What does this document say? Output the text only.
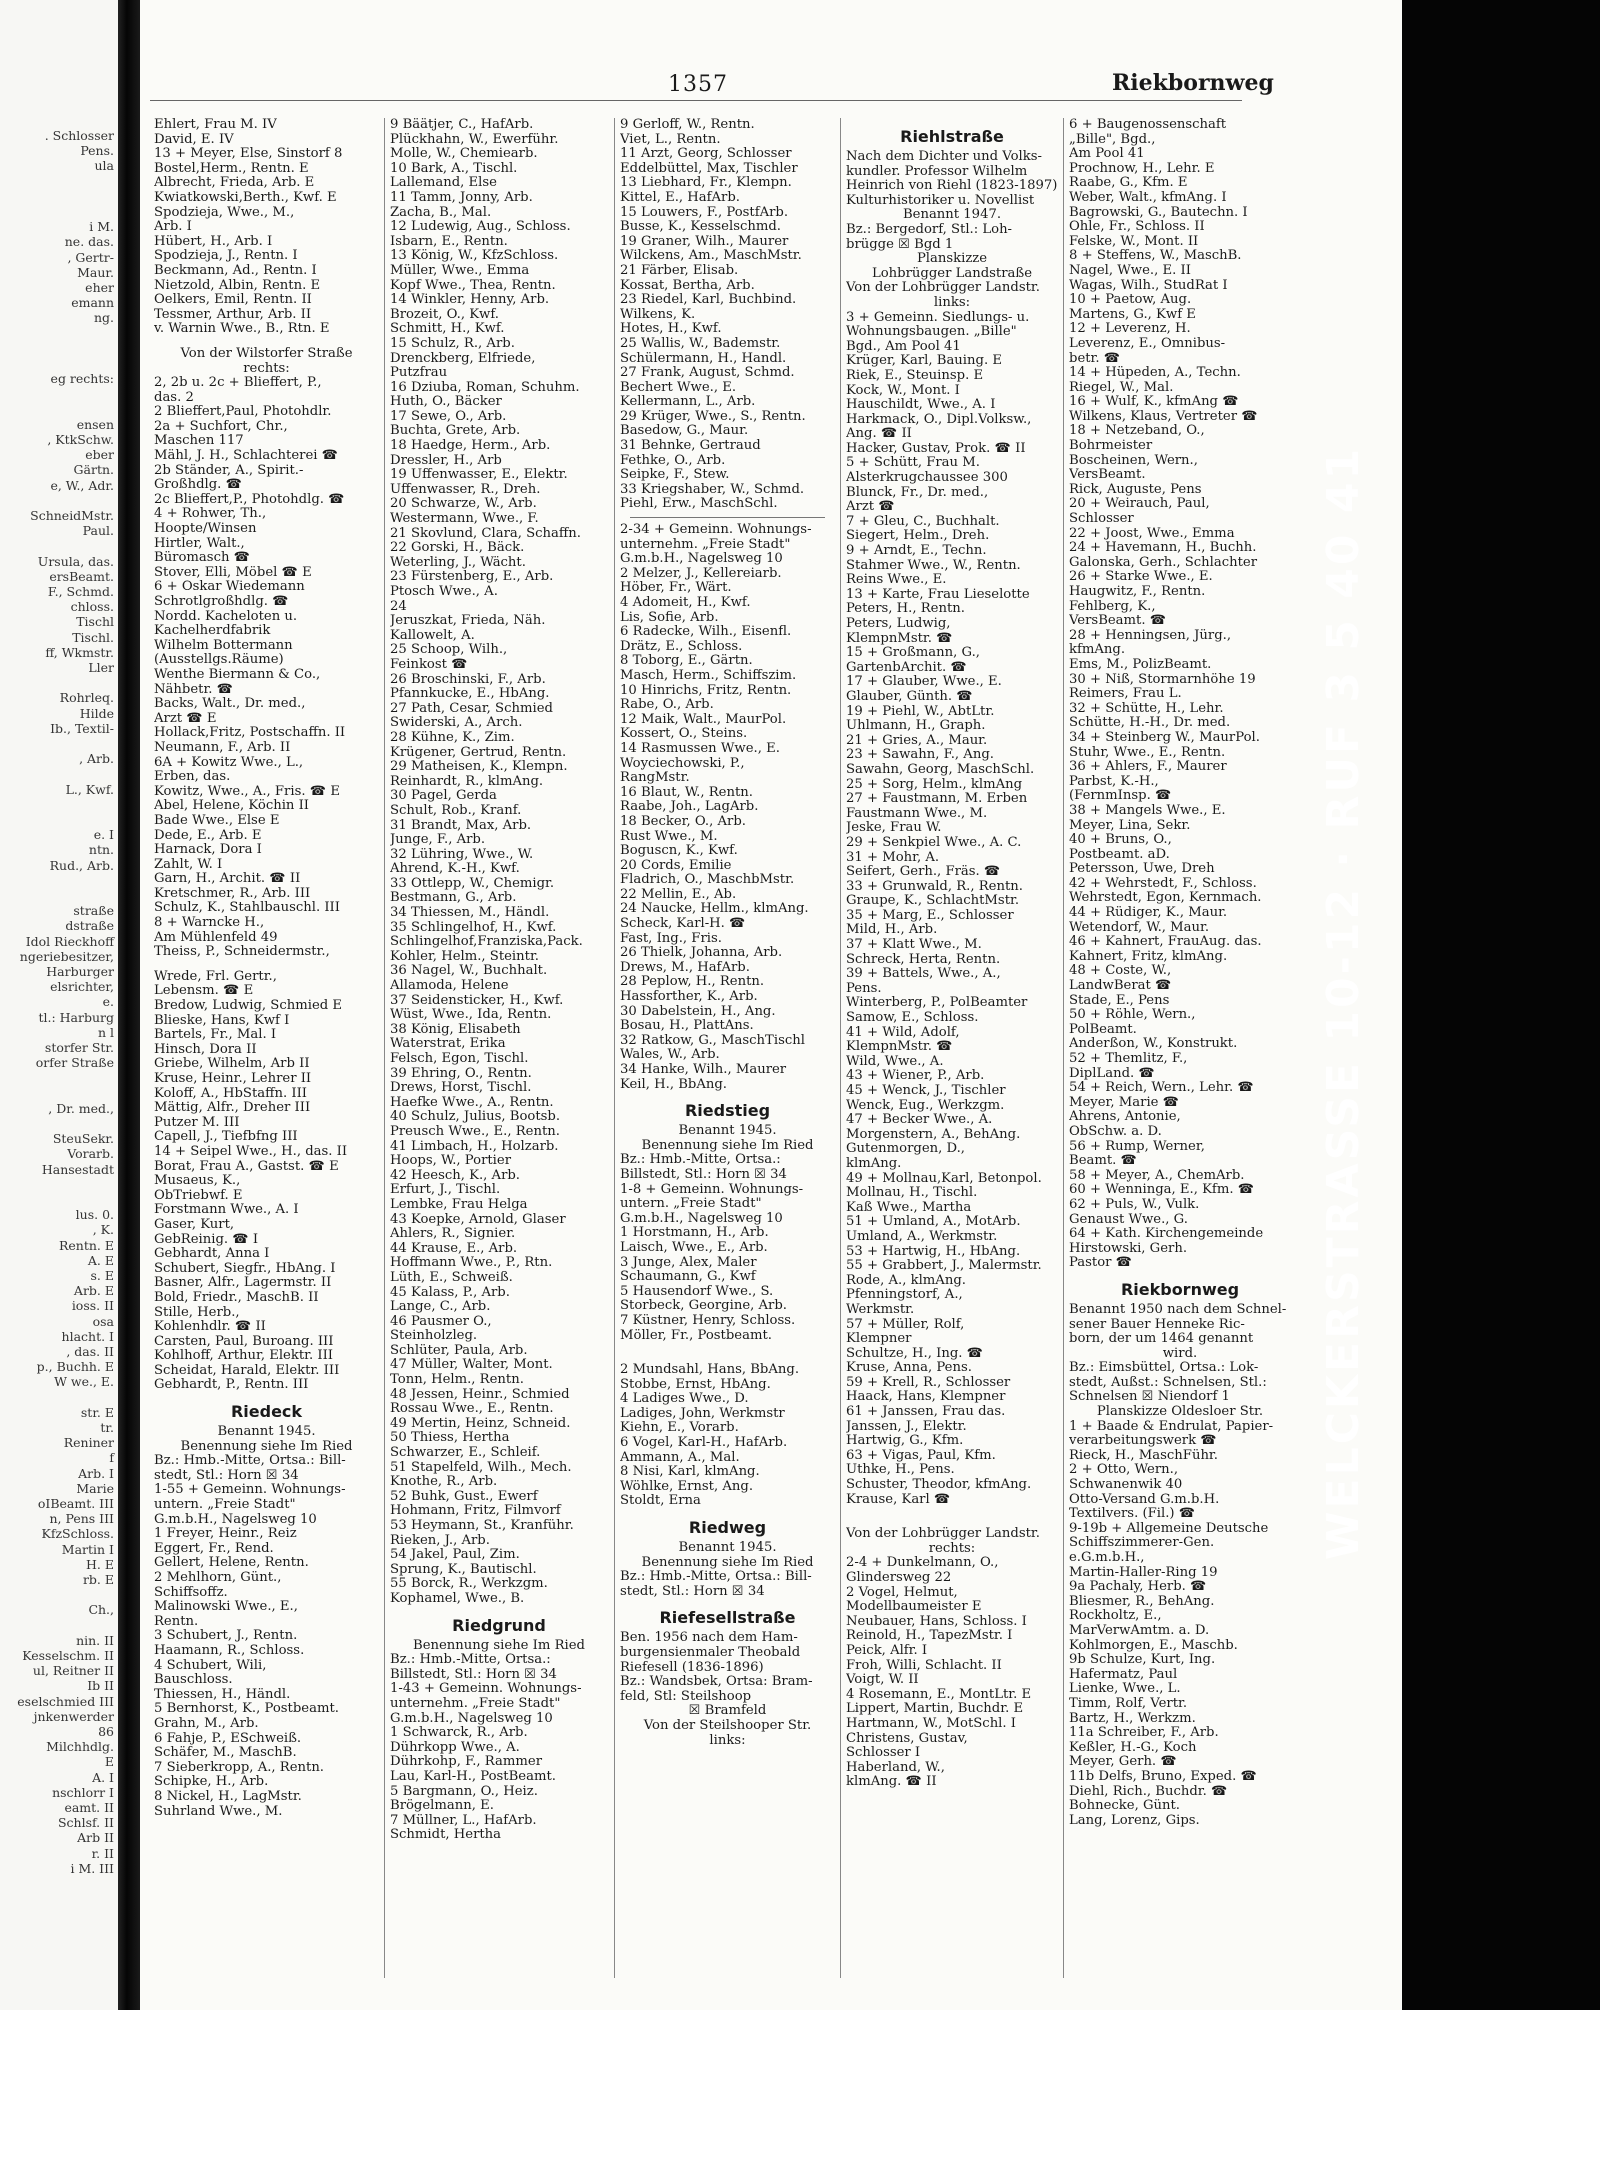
. Schlosser
Pens.
ula
i M.
ne. das.
, Gertr-
Maur.
eher
emann
ng.
eg rechts:
ensen
, KtkSchw.
eber
Gärtn.
e, W., Adr.
SchneidMstr.
Paul.
Ursula, das.
ersBeamt.
F., Schmd.
chloss.
Tischl
Tischl.
ff, Wkmstr.
Ller
Rohrleq.
Hilde
Ib., Textil-
, Arb.
L., Kwf.
e. I
ntn.
Rud., Arb.
straße
dstraße
Idol Rieckhoff
ngeriebesitzer,
Harburger
elsrichter,
e.
tl.: Harburg
n l
storfer Str.
orfer Straße
, Dr. med.,
SteuSekr.
Vorarb.
Hansestadt
lus. 0.
, K.
Rentn. E
A. E
s. E
Arb. E
ioss. II
osa
hlacht. I
, das. II
p., Buchh. E
W we., E.
str. E
tr.
Reniner
f
Arb. I
Marie
oIBeamt. III
n, Pens III
KfzSchloss.
Martin I
H. E
rb. E
Ch.,
nin. II
Kesselschm. II
ul, Reitner II
Ib II
eselschmied III
jnkenwerder
86
Milchhdlg.
E
A. I
nschlorr I
eamt. II
Schlsf. II
Arb II
r. II
i M. III
1357	Riekbornweg
Ehlert, Frau M. IV
David, E. IV
13 + Meyer, Else, Sinstorf 8
Bostel,Herm., Rentn. E
Albrecht, Frieda, Arb. E
Kwiatkowski,Berth., Kwf. E
Spodzieja, Wwe., M.,
Arb. I
Hübert, H., Arb. I
Spodzieja, J., Rentn. I
Beckmann, Ad., Rentn. I
Nietzold, Albin, Rentn. E
Oelkers, Emil, Rentn. II
Tessmer, Arthur, Arb. II
v. Warnin Wwe., B., Rtn. E
Von der Wilstorfer Straße
rechts:
2, 2b u. 2c + Blieffert, P.,
das. 2
2 Blieffert,Paul, Photohdlr.
2a + Suchfort, Chr.,
Maschen 117
Mähl, J. H., Schlachterei ☎
2b Ständer, A., Spirit.-
Großhdlg. ☎
2c Blieffert,P., Photohdlg. ☎
4 + Rohwer, Th.,
Hoopte/Winsen
Hirtler, Walt.,
Büromasch ☎
Stover, Elli, Möbel ☎ E
6 + Oskar Wiedemann
Schrotlgroßhdlg. ☎
Nordd. Kacheloten u.
Kachelherdfabrik
Wilhelm Bottermann
(Ausstellgs.Räume)
Wenthe Biermann & Co.,
Nähbetr. ☎
Backs, Walt., Dr. med.,
Arzt ☎ E
Hollack,Fritz, Postschaffn. II
Neumann, F., Arb. II
6A + Kowitz Wwe., L.,
Erben, das.
Kowitz, Wwe., A., Fris. ☎ E
Abel, Helene, Köchin II
Bade Wwe., Else E
Dede, E., Arb. E
Harnack, Dora I
Zahlt, W. I
Garn, H., Archit. ☎ II
Kretschmer, R., Arb. III
Schulz, K., Stahlbauschl. III
8 + Warncke H.,
Am Mühlenfeld 49
Theiss, P., Schneidermstr.,
Wrede, Frl. Gertr.,
Lebensm. ☎ E
Bredow, Ludwig, Schmied E
Blieske, Hans, Kwf I
Bartels, Fr., Mal. I
Hinsch, Dora II
Griebe, Wilhelm, Arb II
Kruse, Heinr., Lehrer II
Koloff, A., HbStaffn. III
Mättig, Alfr., Dreher III
Putzer M. III
Capell, J., Tiefbfng III
14 + Seipel Wwe., H., das. II
Borat, Frau A., Gastst. ☎ E
Musaeus, K.,
ObTriebwf. E
Forstmann Wwe., A. I
Gaser, Kurt,
GebReinig. ☎ I
Gebhardt, Anna I
Schubert, Siegfr., HbAng. I
Basner, Alfr., Lagermstr. II
Bold, Friedr., MaschB. II
Stille, Herb.,
Kohlenhdlr. ☎ II
Carsten, Paul, Buroang. III
Kohlhoff, Arthur, Elektr. III
Scheidat, Harald, Elektr. III
Gebhardt, P., Rentn. III
Riedeck
Benannt 1945.
Benennung siehe Im Ried
Bz.: Hmb.-Mitte, Ortsa.: Bill-
stedt, Stl.: Horn ☒ 34
1-55 + Gemeinn. Wohnungs-
untern. „Freie Stadt"
G.m.b.H., Nagelsweg 10
1 Freyer, Heinr., Reiz
Eggert, Fr., Rend.
Gellert, Helene, Rentn.
2 Mehlhorn, Günt.,
Schiffsoffz.
Malinowski Wwe., E.,
Rentn.
3 Schubert, J., Rentn.
Haamann, R., Schloss.
4 Schubert, Wili,
Bauschloss.
Thiessen, H., Händl.
5 Bernhorst, K., Postbeamt.
Grahn, M., Arb.
6 Fahje, P., ESchweiß.
Schäfer, M., MaschB.
7 Sieberkropp, A., Rentn.
Schipke, H., Arb.
8 Nickel, H., LagMstr.
Suhrland Wwe., M.
9 Bäätjer, C., HafArb.
Plückhahn, W., Ewerführ.
Molle, W., Chemiearb.
10 Bark, A., Tischl.
Lallemand, Else
11 Tamm, Jonny, Arb.
Zacha, B., Mal.
12 Ludewig, Aug., Schloss.
Isbarn, E., Rentn.
13 König, W., KfzSchloss.
Müller, Wwe., Emma
Kopf Wwe., Thea, Rentn.
14 Winkler, Henny, Arb.
Brozeit, O., Kwf.
Schmitt, H., Kwf.
15 Schulz, R., Arb.
Drenckberg, Elfriede,
Putzfrau
16 Dziuba, Roman, Schuhm.
Huth, O., Bäcker
17 Sewe, O., Arb.
Buchta, Grete, Arb.
18 Haedge, Herm., Arb.
Dressler, H., Arb
19 Uffenwasser, E., Elektr.
Uffenwasser, R., Dreh.
20 Schwarze, W., Arb.
Westermann, Wwe., F.
21 Skovlund, Clara, Schaffn.
22 Gorski, H., Bäck.
Weterling, J., Wächt.
23 Fürstenberg, E., Arb.
Ptosch Wwe., A.
24
Jeruszkat, Frieda, Näh.
Kallowelt, A.
25 Schoop, Wilh.,
Feinkost ☎
26 Broschinski, F., Arb.
Pfannkucke, E., HbAng.
27 Path, Cesar, Schmied
Swiderski, A., Arch.
28 Kühne, K., Zim.
Krügener, Gertrud, Rentn.
29 Matheisen, K., Klempn.
Reinhardt, R., klmAng.
30 Pagel, Gerda
Schult, Rob., Kranf.
31 Brandt, Max, Arb.
Junge, F., Arb.
32 Lühring, Wwe., W.
Ahrend, K.-H., Kwf.
33 Ottlepp, W., Chemigr.
Bestmann, G., Arb.
34 Thiessen, M., Händl.
35 Schlingelhof, H., Kwf.
Schlingelhof,Franziska,Pack.
Kohler, Helm., Steintr.
36 Nagel, W., Buchhalt.
Allamoda, Helene
37 Seidensticker, H., Kwf.
Wüst, Wwe., Ida, Rentn.
38 König, Elisabeth
Waterstrat, Erika
Felsch, Egon, Tischl.
39 Ehring, O., Rentn.
Drews, Horst, Tischl.
Haefke Wwe., A., Rentn.
40 Schulz, Julius, Bootsb.
Preusch Wwe., E., Rentn.
41 Limbach, H., Holzarb.
Hoops, W., Portier
42 Heesch, K., Arb.
Erfurt, J., Tischl.
Lembke, Frau Helga
43 Koepke, Arnold, Glaser
Ahlers, R., Signier.
44 Krause, E., Arb.
Hoffmann Wwe., P., Rtn.
Lüth, E., Schweiß.
45 Kalass, P., Arb.
Lange, C., Arb.
46 Pausmer O.,
Steinholzleg.
Schlüter, Paula, Arb.
47 Müller, Walter, Mont.
Tonn, Helm., Rentn.
48 Jessen, Heinr., Schmied
Rossau Wwe., E., Rentn.
49 Mertin, Heinz, Schneid.
50 Thiess, Hertha
Schwarzer, E., Schleif.
51 Stapelfeld, Wilh., Mech.
Knothe, R., Arb.
52 Buhk, Gust., Ewerf
Hohmann, Fritz, Filmvorf
53 Heymann, St., Kranführ.
Rieken, J., Arb.
54 Jakel, Paul, Zim.
Sprung, K., Bautischl.
55 Borck, R., Werkzgm.
Kophamel, Wwe., B.
Riedgrund
Benennung siehe Im Ried
Bz.: Hmb.-Mitte, Ortsa.:
Billstedt, Stl.: Horn ☒ 34
1-43 + Gemeinn. Wohnungs-
unternehm. „Freie Stadt"
G.m.b.H., Nagelsweg 10
1 Schwarck, R., Arb.
Dührkopp Wwe., A.
Dührkohp, F., Rammer
Lau, Karl-H., PostBeamt.
5 Bargmann, O., Heiz.
Brögelmann, E.
7 Müllner, L., HafArb.
Schmidt, Hertha
9 Gerloff, W., Rentn.
Viet, L., Rentn.
11 Arzt, Georg, Schlosser
Eddelbüttel, Max, Tischler
13 Liebhard, Fr., Klempn.
Kittel, E., HafArb.
15 Louwers, F., PostfArb.
Busse, K., Kesselschmd.
19 Graner, Wilh., Maurer
Wilckens, Am., MaschMstr.
21 Färber, Elisab.
Kossat, Bertha, Arb.
23 Riedel, Karl, Buchbind.
Wilkens, K.
Hotes, H., Kwf.
25 Wallis, W., Bademstr.
Schülermann, H., Handl.
27 Frank, August, Schmd.
Bechert Wwe., E.
Kellermann, L., Arb.
29 Krüger, Wwe., S., Rentn.
Basedow, G., Maur.
31 Behnke, Gertraud
Fethke, O., Arb.
Seipke, F., Stew.
33 Kriegshaber, W., Schmd.
Piehl, Erw., MaschSchl.
2-34 + Gemeinn. Wohnungs-
unternehm. „Freie Stadt"
G.m.b.H., Nagelsweg 10
2 Melzer, J., Kellereiarb.
Höber, Fr., Wärt.
4 Adomeit, H., Kwf.
Lis, Sofie, Arb.
6 Radecke, Wilh., Eisenfl.
Drätz, E., Schloss.
8 Toborg, E., Gärtn.
Masch, Herm., Schiffszim.
10 Hinrichs, Fritz, Rentn.
Rabe, O., Arb.
12 Maik, Walt., MaurPol.
Kossert, O., Steins.
14 Rasmussen Wwe., E.
Woyciechowski, P.,
RangMstr.
16 Blaut, W., Rentn.
Raabe, Joh., LagArb.
18 Becker, O., Arb.
Rust Wwe., M.
Boguscn, K., Kwf.
20 Cords, Emilie
Fladrich, O., MaschbMstr.
22 Mellin, E., Ab.
24 Naucke, Hellm., klmAng.
Scheck, Karl-H. ☎
Fast, Ing., Fris.
26 Thielk, Johanna, Arb.
Drews, M., HafArb.
28 Peplow, H., Rentn.
Hassforther, K., Arb.
30 Dabelstein, H., Ang.
Bosau, H., PlattAns.
32 Ratkow, G., MaschTischl
Wales, W., Arb.
34 Hanke, Wilh., Maurer
Keil, H., BbAng.
Riedstieg
Benannt 1945.
Benennung siehe Im Ried
Bz.: Hmb.-Mitte, Ortsa.:
Billstedt, Stl.: Horn ☒ 34
1-8 + Gemeinn. Wohnungs-
untern. „Freie Stadt"
G.m.b.H., Nagelsweg 10
1 Horstmann, H., Arb.
Laisch, Wwe., E., Arb.
3 Junge, Alex, Maler
Schaumann, G., Kwf
5 Hausendorf Wwe., S.
Storbeck, Georgine, Arb.
7 Küstner, Henry, Schloss.
Möller, Fr., Postbeamt.
2 Mundsahl, Hans, BbAng.
Stobbe, Ernst, HbAng.
4 Ladiges Wwe., D.
Ladiges, John, Werkmstr
Kiehn, E., Vorarb.
6 Vogel, Karl-H., HafArb.
Ammann, A., Mal.
8 Nisi, Karl, klmAng.
Wöhlke, Ernst, Ang.
Stoldt, Erna
Riedweg
Benannt 1945.
Benennung siehe Im Ried
Bz.: Hmb.-Mitte, Ortsa.: Bill-
stedt, Stl.: Horn ☒ 34
Riefesellstraße
Ben. 1956 nach dem Ham-
burgensienmaler Theobald
Riefesell (1836-1896)
Bz.: Wandsbek, Ortsa: Bram-
feld, Stl: Steilshoop
☒ Bramfeld
Von der Steilshooper Str.
links:
Riehlstraße
Nach dem Dichter und Volks-
kundler. Professor Wilhelm
Heinrich von Riehl (1823-1897)
Kulturhistoriker u. Novellist
Benannt 1947.
Bz.: Bergedorf, Stl.: Loh-
brügge ☒ Bgd 1
Planskizze
Lohbrügger Landstraße
Von der Lohbrügger Landstr.
links:
3 + Gemeinn. Siedlungs- u.
Wohnungsbaugen. „Bille"
Bgd., Am Pool 41
Krüger, Karl, Bauing. E
Riek, E., Steuinsp. E
Kock, W., Mont. I
Hauschildt, Wwe., A. I
Harkmack, O., Dipl.Volksw.,
Ang. ☎ II
Hacker, Gustav, Prok. ☎ II
5 + Schütt, Frau M.
Alsterkrugchaussee 300
Blunck, Fr., Dr. med.,
Arzt ☎
7 + Gleu, C., Buchhalt.
Siegert, Helm., Dreh.
9 + Arndt, E., Techn.
Stahmer Wwe., W., Rentn.
Reins Wwe., E.
13 + Karte, Frau Lieselotte
Peters, H., Rentn.
Peters, Ludwig,
KlempnMstr. ☎
15 + Großmann, G.,
GartenbArchit. ☎
17 + Glauber, Wwe., E.
Glauber, Günth. ☎
19 + Piehl, W., AbtLtr.
Uhlmann, H., Graph.
21 + Gries, A., Maur.
23 + Sawahn, F., Ang.
Sawahn, Georg, MaschSchl.
25 + Sorg, Helm., klmAng
27 + Faustmann, M. Erben
Faustmann Wwe., M.
Jeske, Frau W.
29 + Senkpiel Wwe., A. C.
31 + Mohr, A.
Seifert, Gerh., Fräs. ☎
33 + Grunwald, R., Rentn.
Graupe, K., SchlachtMstr.
35 + Marg, E., Schlosser
Mild, H., Arb.
37 + Klatt Wwe., M.
Schreck, Herta, Rentn.
39 + Battels, Wwe., A.,
Pens.
Winterberg, P., PolBeamter
Samow, E., Schloss.
41 + Wild, Adolf,
KlempnMstr. ☎
Wild, Wwe., A.
43 + Wiener, P., Arb.
45 + Wenck, J., Tischler
Wenck, Eug., Werkzgm.
47 + Becker Wwe., A.
Morgenstern, A., BehAng.
Gutenmorgen, D.,
klmAng.
49 + Mollnau,Karl, Betonpol.
Mollnau, H., Tischl.
Kaß Wwe., Martha
51 + Umland, A., MotArb.
Umland, A., Werkmstr.
53 + Hartwig, H., HbAng.
55 + Grabbert, J., Malermstr.
Rode, A., klmAng.
Pfenningstorf, A.,
Werkmstr.
57 + Müller, Rolf,
Klempner
Schultze, H., Ing. ☎
Kruse, Anna, Pens.
59 + Krell, R., Schlosser
Haack, Hans, Klempner
61 + Janssen, Frau das.
Janssen, J., Elektr.
Hartwig, G., Kfm.
63 + Vigas, Paul, Kfm.
Uthke, H., Pens.
Schuster, Theodor, kfmAng.
Krause, Karl ☎
Von der Lohbrügger Landstr.
rechts:
2-4 + Dunkelmann, O.,
Glindersweg 22
2 Vogel, Helmut,
Modellbaumeister E
Neubauer, Hans, Schloss. I
Reinold, H., TapezMstr. I
Peick, Alfr. I
Froh, Willi, Schlacht. II
Voigt, W. II
4 Rosemann, E., MontLtr. E
Lippert, Martin, Buchdr. E
Hartmann, W., MotSchl. I
Christens, Gustav,
Schlosser I
Haberland, W.,
klmAng. ☎ II
6 + Baugenossenschaft
„Bille", Bgd.,
Am Pool 41
Prochnow, H., Lehr. E
Raabe, G., Kfm. E
Weber, Walt., kfmAng. I
Bagrowski, G., Bautechn. I
Ohle, Fr., Schloss. II
Felske, W., Mont. II
8 + Steffens, W., MaschB.
Nagel, Wwe., E. II
Wagas, Wilh., StudRat I
10 + Paetow, Aug.
Martens, G., Kwf E
12 + Leverenz, H.
Leverenz, E., Omnibus-
betr. ☎
14 + Hüpeden, A., Techn.
Riegel, W., Mal.
16 + Wulf, K., kfmAng ☎
Wilkens, Klaus, Vertreter ☎
18 + Netzeband, O.,
Bohrmeister
Boscheinen, Wern.,
VersBeamt.
Rick, Auguste, Pens
20 + Weirauch, Paul,
Schlosser
22 + Joost, Wwe., Emma
24 + Havemann, H., Buchh.
Galonska, Gerh., Schlachter
26 + Starke Wwe., E.
Haugwitz, F., Rentn.
Fehlberg, K.,
VersBeamt. ☎
28 + Henningsen, Jürg.,
kfmAng.
Ems, M., PolizBeamt.
30 + Niß, Stormarnhöhe 19
Reimers, Frau L.
32 + Schütte, H., Lehr.
Schütte, H.-H., Dr. med.
34 + Steinberg W., MaurPol.
Stuhr, Wwe., E., Rentn.
36 + Ahlers, F., Maurer
Parbst, K.-H.,
(FernmInsp. ☎
38 + Mangels Wwe., E.
Meyer, Lina, Sekr.
40 + Bruns, O.,
Postbeamt. aD.
Petersson, Uwe, Dreh
42 + Wehrstedt, F., Schloss.
Wehrstedt, Egon, Kernmach.
44 + Rüdiger, K., Maur.
Wetendorf, W., Maur.
46 + Kahnert, FrauAug. das.
Kahnert, Fritz, klmAng.
48 + Coste, W.,
LandwBerat ☎
Stade, E., Pens
50 + Röhle, Wern.,
PolBeamt.
Anderßon, W., Konstrukt.
52 + Themlitz, F.,
DiplLand. ☎
54 + Reich, Wern., Lehr. ☎
Meyer, Marie ☎
Ahrens, Antonie,
ObSchw. a. D.
56 + Rump, Werner,
Beamt. ☎
58 + Meyer, A., ChemArb.
60 + Wenninga, E., Kfm. ☎
62 + Puls, W., Vulk.
Genaust Wwe., G.
64 + Kath. Kirchengemeinde
Hirstowski, Gerh.
Pastor ☎
Riekbornweg
Benannt 1950 nach dem Schnel-
sener Bauer Henneke Ric-
born, der um 1464 genannt
wird.
Bz.: Eimsbüttel, Ortsa.: Lok-
stedt, Außst.: Schnelsen, Stl.:
Schnelsen ☒ Niendorf 1
Planskizze Oldesloer Str.
1 + Baade & Endrulat, Papier-
verarbeitungswerk ☎
Rieck, H., MaschFühr.
2 + Otto, Wern.,
Schwanenwik 40
Otto-Versand G.m.b.H.
Textilvers. (Fil.) ☎
9-19b + Allgemeine Deutsche
Schiffszimmerer-Gen.
e.G.m.b.H.,
Martin-Haller-Ring 19
9a Pachaly, Herb. ☎
Bliesmer, R., BehAng.
Rockholtz, E.,
MarVerwAmtm. a. D.
Kohlmorgen, E., Maschb.
9b Schulze, Kurt, Ing.
Hafermatz, Paul
Lienke, Wwe., L.
Timm, Rolf, Vertr.
Bartz, H., Werkzm.
11a Schreiber, F., Arb.
Keßler, H.-G., Koch
Meyer, Gerh. ☎
11b Delfs, Bruno, Exped. ☎
Diehl, Rich., Buchdr. ☎
Bohnecke, Günt.
Lang, Lorenz, Gips.
WELCKERSTRASSE 10-12 · RUF 3 5 40 41
